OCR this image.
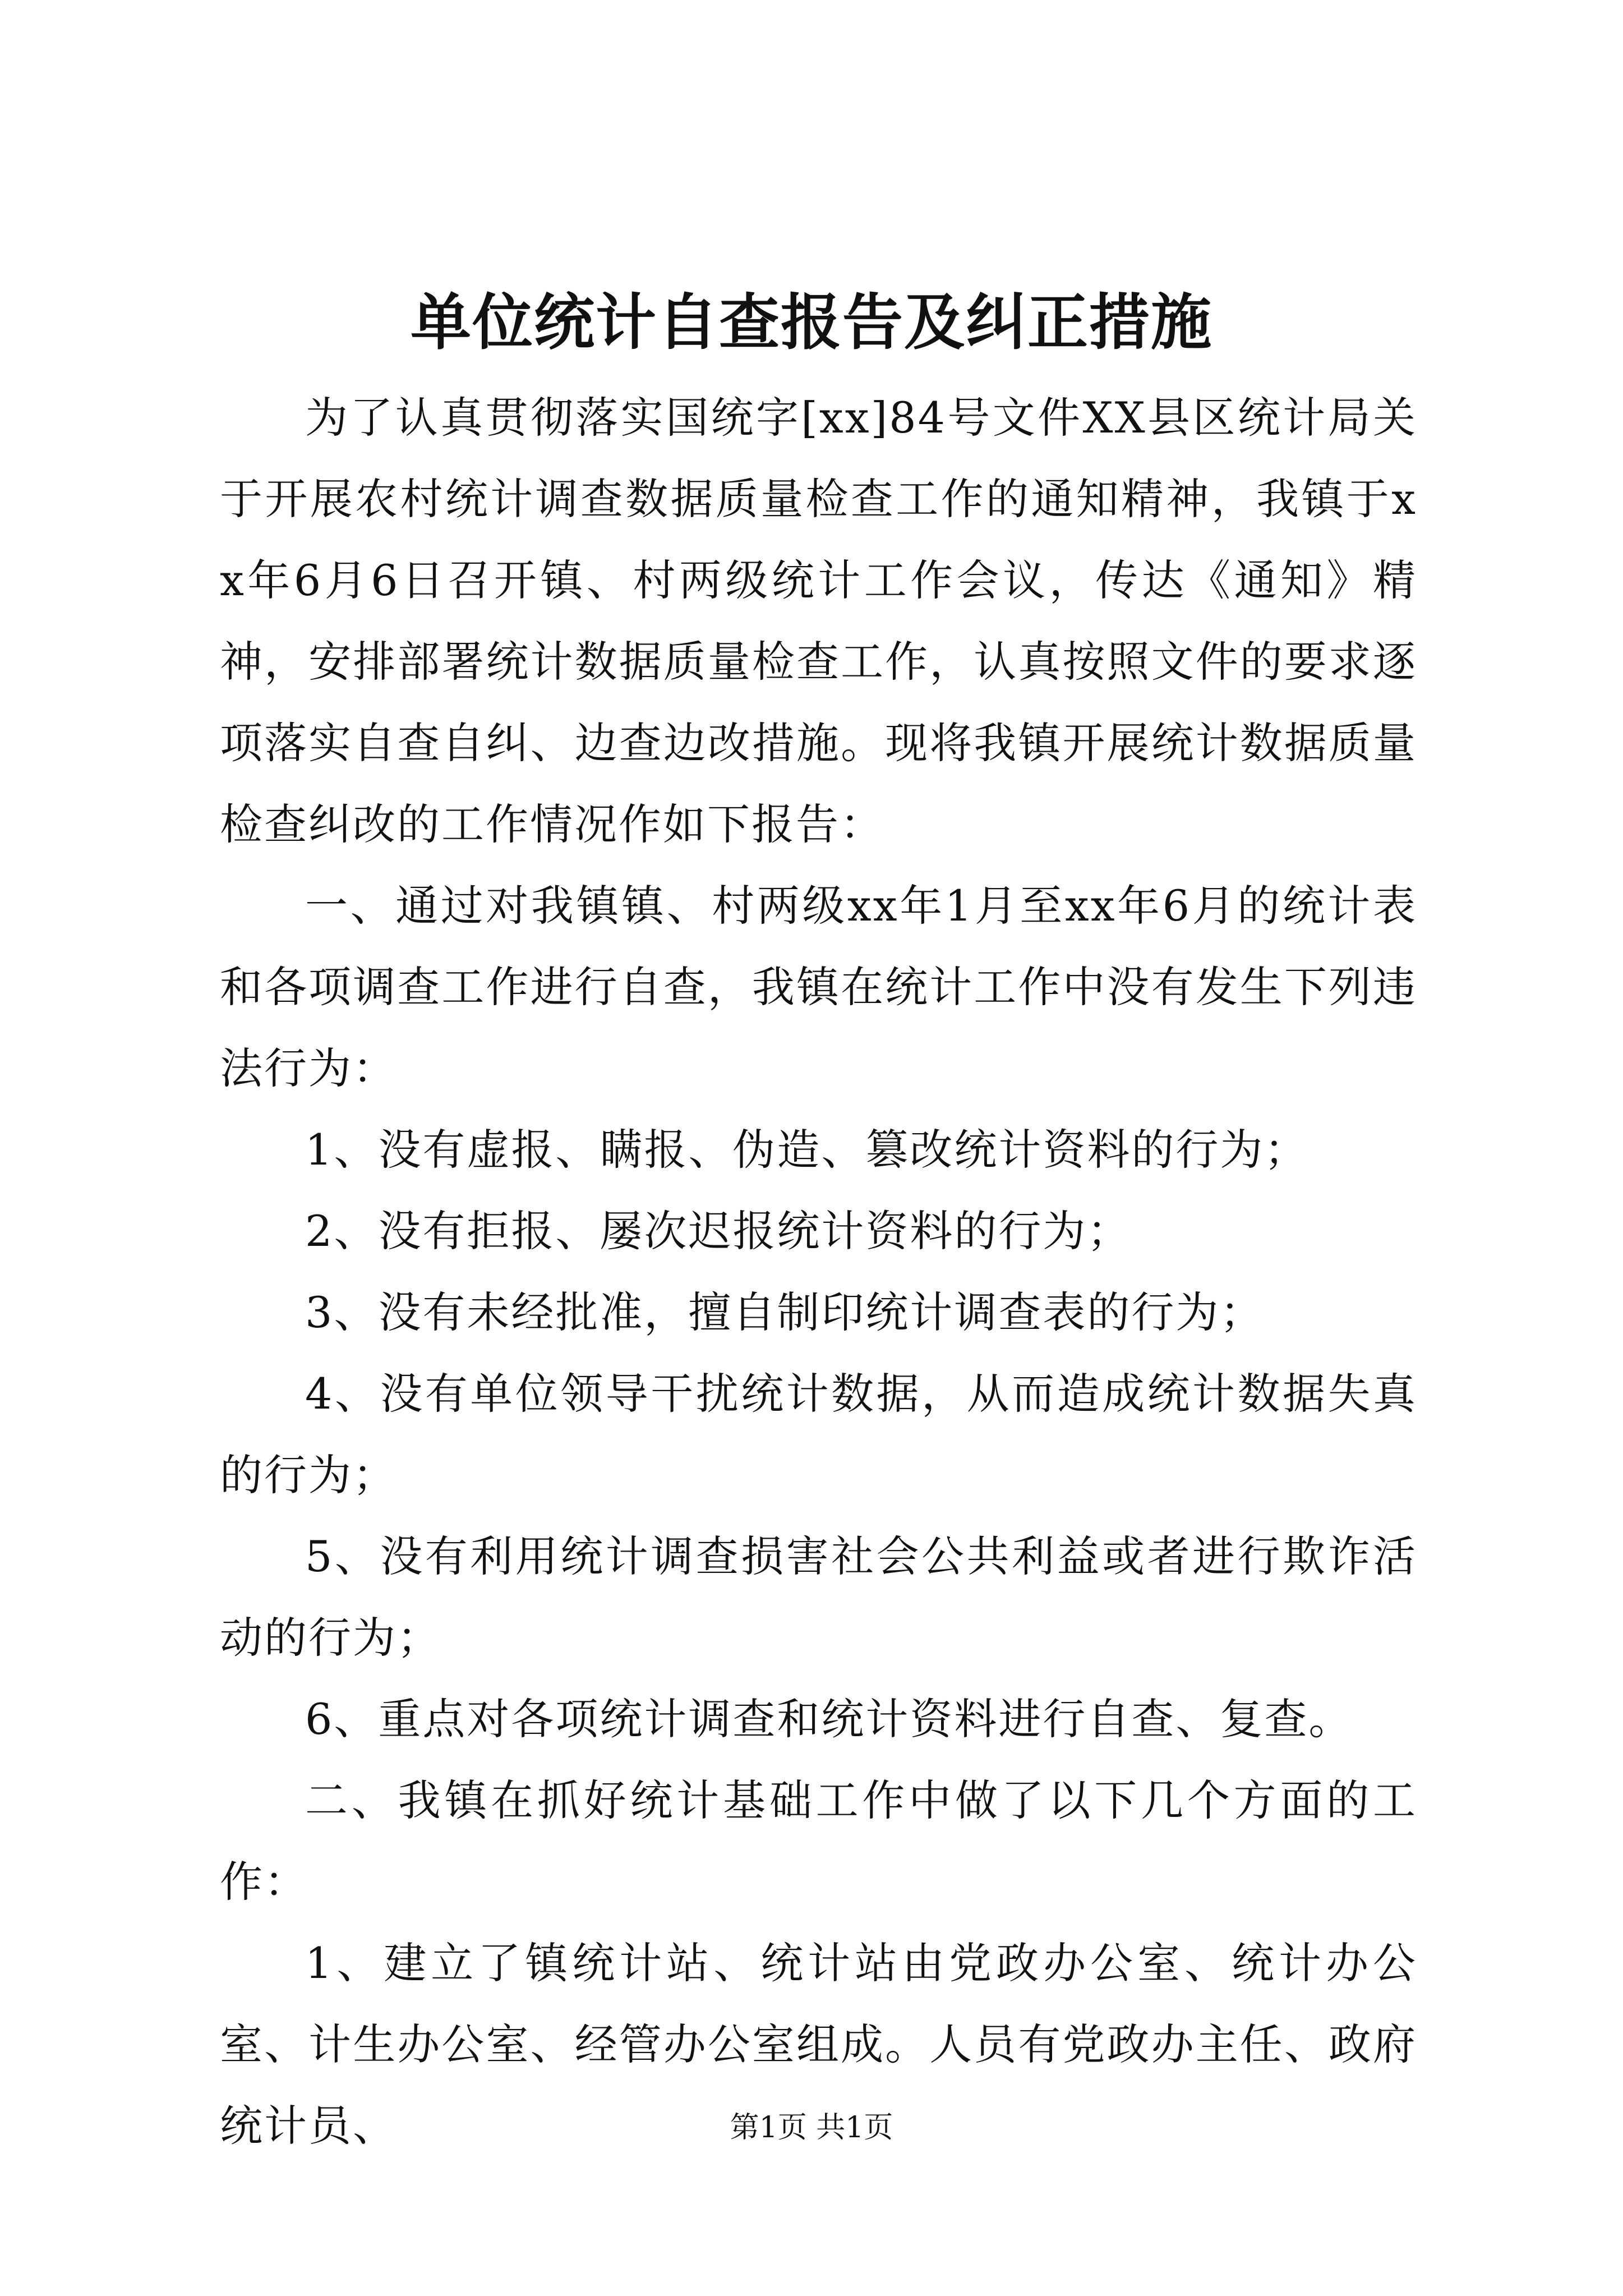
单位统计自查报告及纠正措施

为了认真贯彻落实国统字[xx]84号文件XX县区统计局关于开展农村统计调查数据质量检查工作的通知精神，我镇于xx年6月6日召开镇、村两级统计工作会议，传达《通知》精神，安排部署统计数据质量检查工作，认真按照文件的要求逐项落实自查自纠、边查边改措施。现将我镇开展统计数据质量检查纠改的工作情况作如下报告：

一、通过对我镇镇、村两级xx年1月至xx年6月的统计表和各项调查工作进行自查，我镇在统计工作中没有发生下列违法行为：

1、没有虚报、瞒报、伪造、篡改统计资料的行为；

2、没有拒报、屡次迟报统计资料的行为；

3、没有未经批准，擅自制印统计调查表的行为；

4、没有单位领导干扰统计数据，从而造成统计数据失真的行为；

5、没有利用统计调查损害社会公共利益或者进行欺诈活动的行为；

6、重点对各项统计调查和统计资料进行自查、复查。

二、我镇在抓好统计基础工作中做了以下几个方面的工作：

1、建立了镇统计站、统计站由党政办公室、统计办公室、计生办公室、经管办公室组成。人员有党政办主任、政府统计员、	第1页 共1页
